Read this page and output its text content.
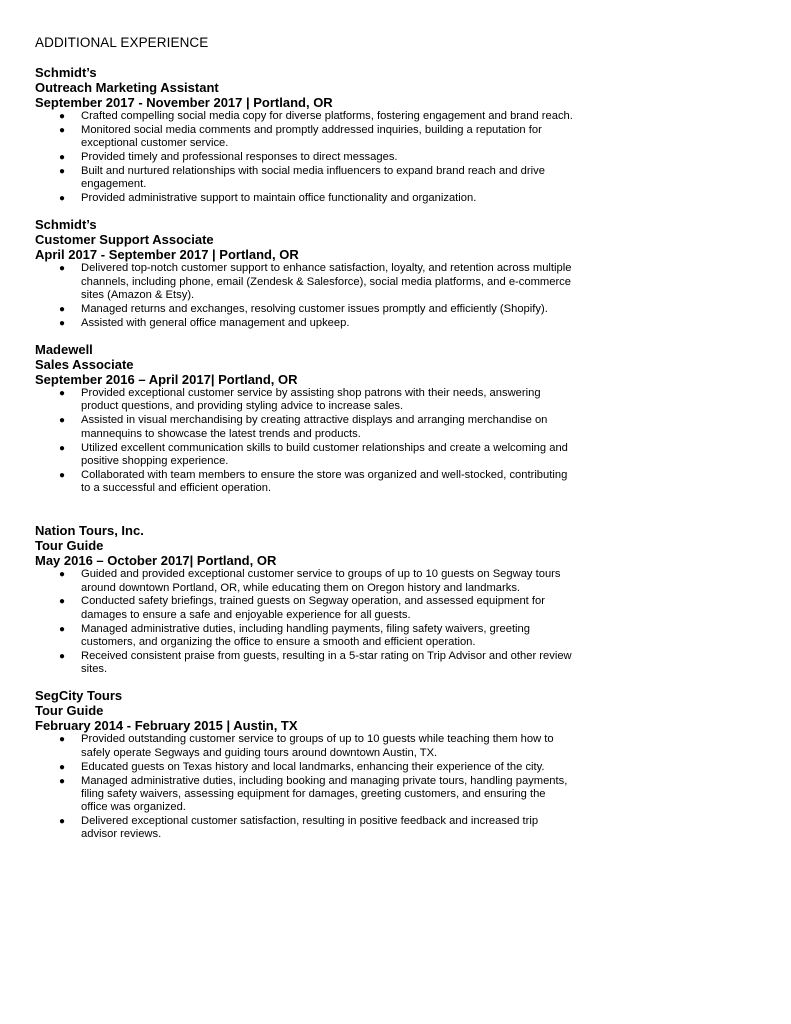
ADDITIONAL EXPERIENCE
Schmidt’s
Outreach Marketing Assistant
September 2017 - November 2017 | Portland, OR
● Crafted compelling social media copy for diverse platforms, fostering engagement and brand reach.
● Monitored social media comments and promptly addressed inquiries, building a reputation for exceptional customer service.
● Provided timely and professional responses to direct messages.
● Built and nurtured relationships with social media influencers to expand brand reach and drive engagement.
● Provided administrative support to maintain office functionality and organization.
Schmidt’s
Customer Support Associate
April 2017 - September 2017 | Portland, OR
● Delivered top-notch customer support to enhance satisfaction, loyalty, and retention across multiple channels, including phone, email (Zendesk & Salesforce), social media platforms, and e-commerce sites (Amazon & Etsy).
● Managed returns and exchanges, resolving customer issues promptly and efficiently (Shopify).
● Assisted with general office management and upkeep.
Madewell
Sales Associate
September 2016 – April 2017| Portland, OR
● Provided exceptional customer service by assisting shop patrons with their needs, answering product questions, and providing styling advice to increase sales.
● Assisted in visual merchandising by creating attractive displays and arranging merchandise on mannequins to showcase the latest trends and products.
● Utilized excellent communication skills to build customer relationships and create a welcoming and positive shopping experience.
● Collaborated with team members to ensure the store was organized and well-stocked, contributing to a successful and efficient operation.
Nation Tours, Inc.
Tour Guide
May 2016 – October 2017| Portland, OR
● Guided and provided exceptional customer service to groups of up to 10 guests on Segway tours around downtown Portland, OR, while educating them on Oregon history and landmarks.
● Conducted safety briefings, trained guests on Segway operation, and assessed equipment for damages to ensure a safe and enjoyable experience for all guests.
● Managed administrative duties, including handling payments, filing safety waivers, greeting customers, and organizing the office to ensure a smooth and efficient operation.
● Received consistent praise from guests, resulting in a 5-star rating on Trip Advisor and other review sites.
SegCity Tours
Tour Guide
February 2014 - February 2015 | Austin, TX
● Provided outstanding customer service to groups of up to 10 guests while teaching them how to safely operate Segways and guiding tours around downtown Austin, TX.
● Educated guests on Texas history and local landmarks, enhancing their experience of the city.
● Managed administrative duties, including booking and managing private tours, handling payments, filing safety waivers, assessing equipment for damages, greeting customers, and ensuring the office was organized.
● Delivered exceptional customer satisfaction, resulting in positive feedback and increased trip advisor reviews.
